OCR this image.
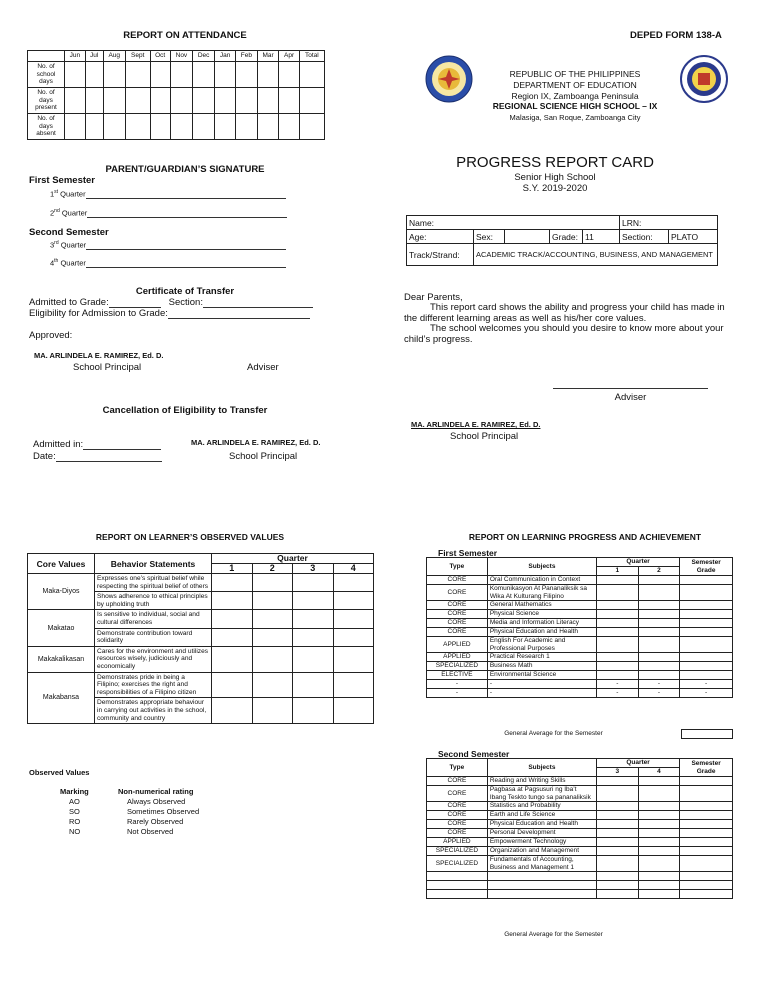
REPORT ON ATTENDANCE
	Jun	Jul	Aug	Sept	Oct	Nov	Dec	Jan	Feb	Mar	Apr	Total
No. of school days												
No. of days present												
No. of days absent												
PARENT/GUARDIAN’S SIGNATURE
First Semester
1st Quarter
2nd Quarter
Second Semester
3rd Quarter
4th Quarter
Certificate of Transfer
Admitted to Grade:	Section:
Eligibility for Admission to Grade:
Approved:
MA. ARLINDELA E. RAMIREZ, Ed. D.
School Principal	Adviser
Cancellation of Eligibility to Transfer
Admitted in:
Date:
MA. ARLINDELA E. RAMIREZ, Ed. D.
School Principal
DEPED FORM 138-A
REPUBLIC OF THE PHILIPPINES
DEPARTMENT OF EDUCATION
Region IX, Zamboanga Peninsula
REGIONAL SCIENCE HIGH SCHOOL – IX
Malasiga, San Roque, Zamboanga City
PROGRESS REPORT CARD
Senior High School
S.Y. 2019-2020
Name:					LRN:	
Age:	Sex:		Grade:	11	Section:	PLATO
Track/Strand:	ACADEMIC TRACK/ACCOUNTING, BUSINESS, AND MANAGEMENT					
Dear Parents,
This report card shows the ability and progress your child has made in the different learning areas as well as his/her core values.
The school welcomes you should you desire to know more about your child’s progress.
Adviser
MA. ARLINDELA E. RAMIREZ, Ed. D.
School Principal
REPORT ON LEARNER’S OBSERVED VALUES
Core Values	Behavior Statements	Quarter			
		1	2	3	4
Maka-Diyos	Expresses one’s spiritual belief while respecting the spiritual belief of others				
	Shows adherence to ethical principles by upholding truth				
Makatao	Is sensitive to individual, social and cultural differences				
	Demonstrate contribution toward solidarity				
Makakalikasan	Cares for the environment and utilizes resources wisely, judiciously and economically				
Makabansa	Demonstrates pride in being a Filipino; exercises the right and responsibilities of a Filipino citizen				
	Demonstrates appropriate behaviour in carrying out activities in the school, community and country				
Observed Values
Marking	Non-numerical rating
AO	Always Observed
SO	Sometimes Observed
RO	Rarely Observed
NO	Not Observed
REPORT ON LEARNING PROGRESS AND ACHIEVEMENT
First Semester
Type	Subjects	Quarter		Semester Grade
		1	2	
CORE	Oral Communication in Context			
CORE	Komunikasyon At Pananaliksik sa Wika At Kulturang Filipino			
CORE	General Mathematics			
CORE	Physical Science			
CORE	Media and Information Literacy			
CORE	Physical Education and Health			
APPLIED	English For Academic and Professional Purposes			
APPLIED	Practical Research 1			
SPECIALIZED	Business Math			
ELECTIVE	Environmental Science			
-	-	-	-	-
-	-	-	-	-
General Average for the Semester
Second Semester
Type	Subjects	Quarter		Semester Grade
		3	4	
CORE	Reading and Writing Skills			
CORE	Pagbasa at Pagsusuri ng Iba’t Ibang Teskto tungo sa pananaliksik			
CORE	Statistics and Probability			
CORE	Earth and Life Science			
CORE	Physical Education and Health			
CORE	Personal Development			
APPLIED	Empowerment Technology			
SPECIALIZED	Organization and Management			
SPECIALIZED	Fundamentals of Accounting, Business and Management 1			

General Average for the Semester
